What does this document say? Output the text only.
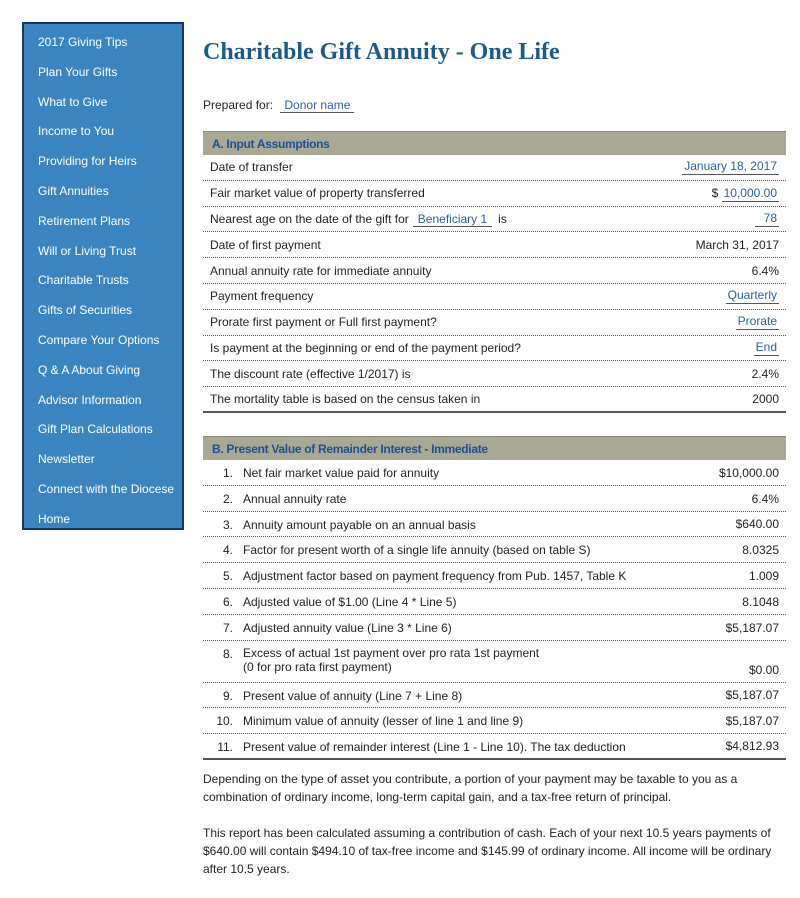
2017 Giving Tips
Plan Your Gifts
What to Give
Income to You
Providing for Heirs
Gift Annuities
Retirement Plans
Will or Living Trust
Charitable Trusts
Gifts of Securities
Compare Your Options
Q & A About Giving
Advisor Information
Gift Plan Calculations
Newsletter
Connect with the Diocese
Home
Charitable Gift Annuity - One Life
Prepared for: Donor name
A. Input Assumptions
Date of transfer	January 18, 2017
Fair market value of property transferred	$ 10,000.00
Nearest age on the date of the gift for Beneficiary 1 is	78
Date of first payment	March 31, 2017
Annual annuity rate for immediate annuity	6.4%
Payment frequency	Quarterly
Prorate first payment or Full first payment?	Prorate
Is payment at the beginning or end of the payment period?	End
The discount rate (effective 1/2017) is	2.4%
The mortality table is based on the census taken in	2000
B. Present Value of Remainder Interest - Immediate
1. Net fair market value paid for annuity	$10,000.00
2. Annual annuity rate	6.4%
3. Annuity amount payable on an annual basis	$640.00
4. Factor for present worth of a single life annuity (based on table S)	8.0325
5. Adjustment factor based on payment frequency from Pub. 1457, Table K	1.009
6. Adjusted value of $1.00 (Line 4 * Line 5)	8.1048
7. Adjusted annuity value (Line 3 * Line 6)	$5,187.07
8. Excess of actual 1st payment over pro rata 1st payment
(0 for pro rata first payment)	$0.00
9. Present value of annuity (Line 7 + Line 8)	$5,187.07
10. Minimum value of annuity (lesser of line 1 and line 9)	$5,187.07
11. Present value of remainder interest (Line 1 - Line 10). The tax deduction	$4,812.93

Depending on the type of asset you contribute, a portion of your payment may be taxable to you as a combination of ordinary income, long-term capital gain, and a tax-free return of principal.

This report has been calculated assuming a contribution of cash. Each of your next 10.5 years payments of $640.00 will contain $494.10 of tax-free income and $145.99 of ordinary income. All income will be ordinary after 10.5 years.
